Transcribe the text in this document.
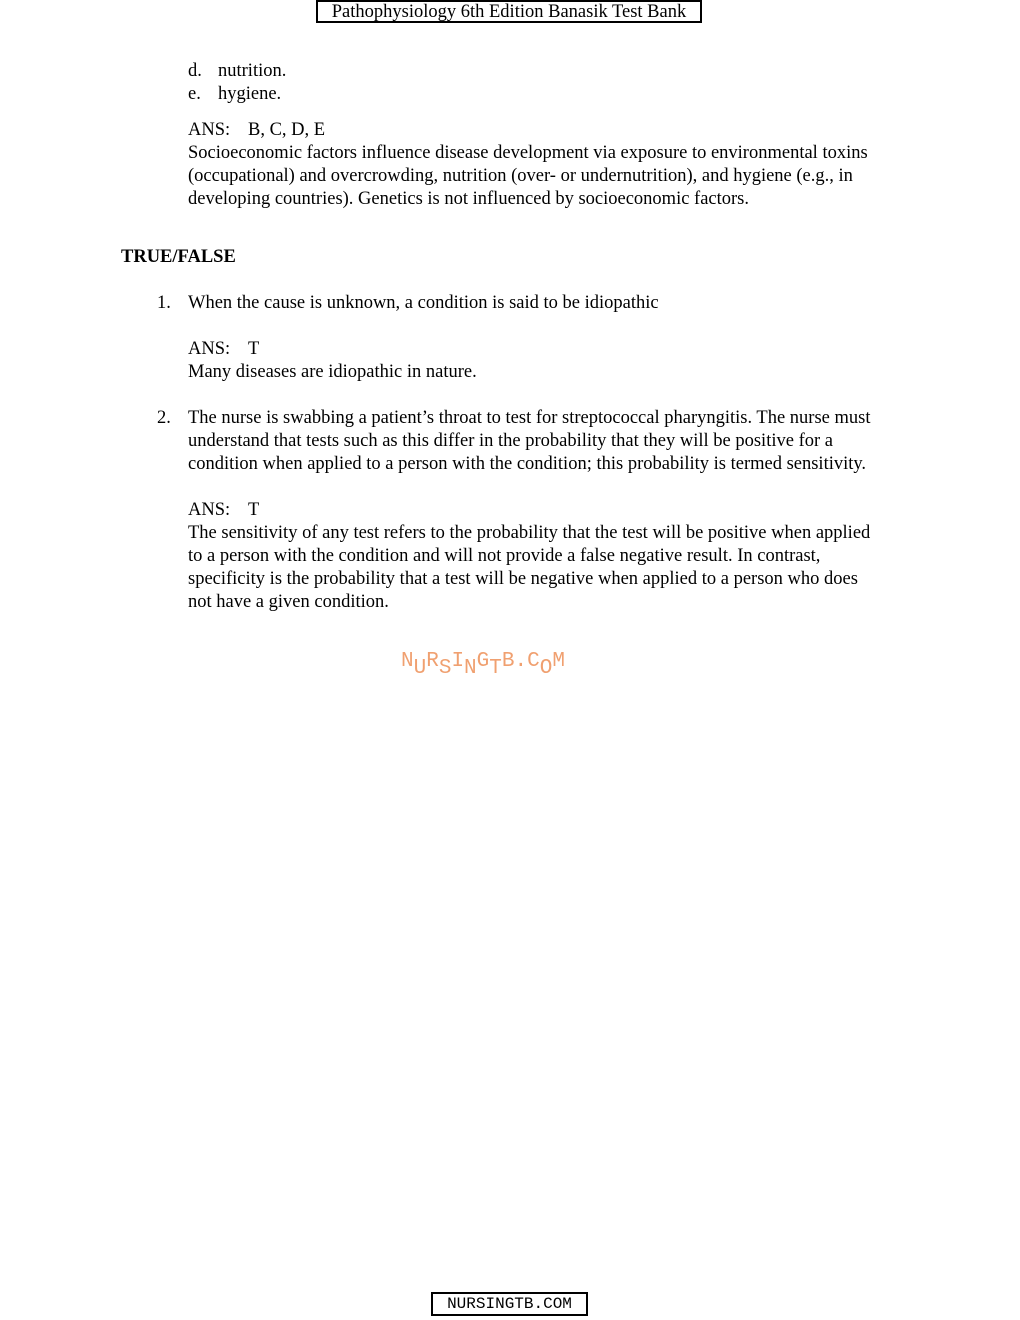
Pathophysiology 6th Edition Banasik Test Bank
d. nutrition.
e. hygiene.
ANS: B, C, D, E
Socioeconomic factors influence disease development via exposure to environmental toxins
(occupational) and overcrowding, nutrition (over- or undernutrition), and hygiene (e.g., in
developing countries). Genetics is not influenced by socioeconomic factors.
TRUE/FALSE
1. When the cause is unknown, a condition is said to be idiopathic
ANS: T
Many diseases are idiopathic in nature.
2. The nurse is swabbing a patient’s throat to test for streptococcal pharyngitis. The nurse must
understand that tests such as this differ in the probability that they will be positive for a
condition when applied to a person with the condition; this probability is termed sensitivity.
ANS: T
The sensitivity of any test refers to the probability that the test will be positive when applied
to a person with the condition and will not provide a false negative result. In contrast,
specificity is the probability that a test will be negative when applied to a person who does
not have a given condition.
NURSINGTB.COM
NURSINGTB.COM
